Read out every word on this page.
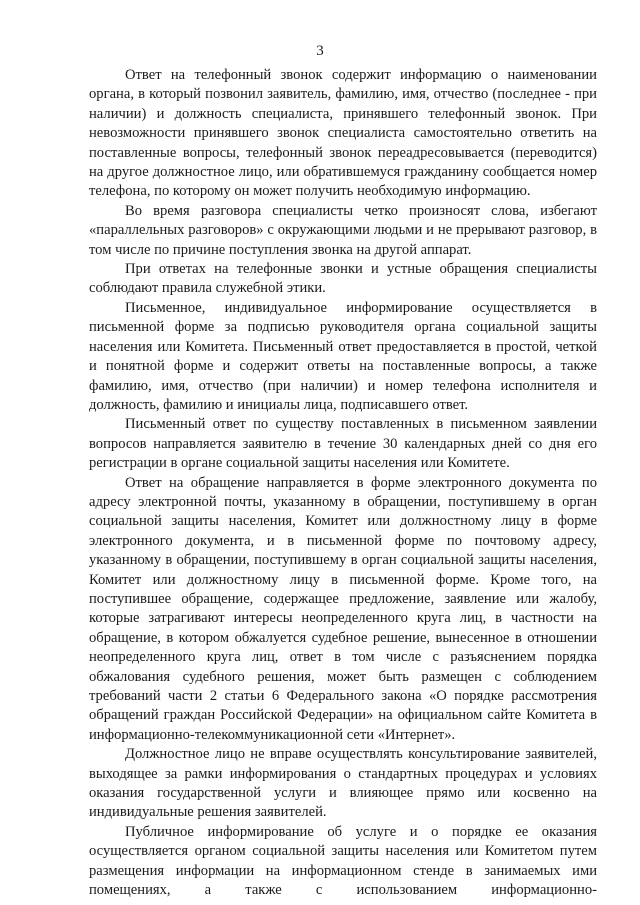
3

Ответ на телефонный звонок содержит информацию о наименовании органа, в который позвонил заявитель, фамилию, имя, отчество (последнее - при наличии) и должность специалиста, принявшего телефонный звонок. При невозможности принявшего звонок специалиста самостоятельно ответить на поставленные вопросы, телефонный звонок переадресовывается (переводится) на другое должностное лицо, или обратившемуся гражданину сообщается номер телефона, по которому он может получить необходимую информацию.

Во время разговора специалисты четко произносят слова, избегают «параллельных разговоров» с окружающими людьми и не прерывают разговор, в том числе по причине поступления звонка на другой аппарат.

При ответах на телефонные звонки и устные обращения специалисты соблюдают правила служебной этики.

Письменное, индивидуальное информирование осуществляется в письменной форме за подписью руководителя органа социальной защиты населения или Комитета. Письменный ответ предоставляется в простой, четкой и понятной форме и содержит ответы на поставленные вопросы, а также фамилию, имя, отчество (при наличии) и номер телефона исполнителя и должность, фамилию и инициалы лица, подписавшего ответ.

Письменный ответ по существу поставленных в письменном заявлении вопросов направляется заявителю в течение 30 календарных дней со дня его регистрации в органе социальной защиты населения или Комитете.

Ответ на обращение направляется в форме электронного документа по адресу электронной почты, указанному в обращении, поступившему в орган социальной защиты населения, Комитет или должностному лицу в форме электронного документа, и в письменной форме по почтовому адресу, указанному в обращении, поступившему в орган социальной защиты населения, Комитет или должностному лицу в письменной форме. Кроме того, на поступившее обращение, содержащее предложение, заявление или жалобу, которые затрагивают интересы неопределенного круга лиц, в частности на обращение, в котором обжалуется судебное решение, вынесенное в отношении неопределенного круга лиц, ответ в том числе с разъяснением порядка обжалования судебного решения, может быть размещен с соблюдением требований части 2 статьи 6 Федерального закона «О порядке рассмотрения обращений граждан Российской Федерации» на официальном сайте Комитета в информационно-телекоммуникационной сети «Интернет».

Должностное лицо не вправе осуществлять консультирование заявителей, выходящее за рамки информирования о стандартных процедурах и условиях оказания государственной услуги и влияющее прямо или косвенно на индивидуальные решения заявителей.

Публичное информирование об услуге и о порядке ее оказания осуществляется органом социальной защиты населения или Комитетом путем размещения информации на информационном стенде в занимаемых ими помещениях, а также с использованием информационно-
